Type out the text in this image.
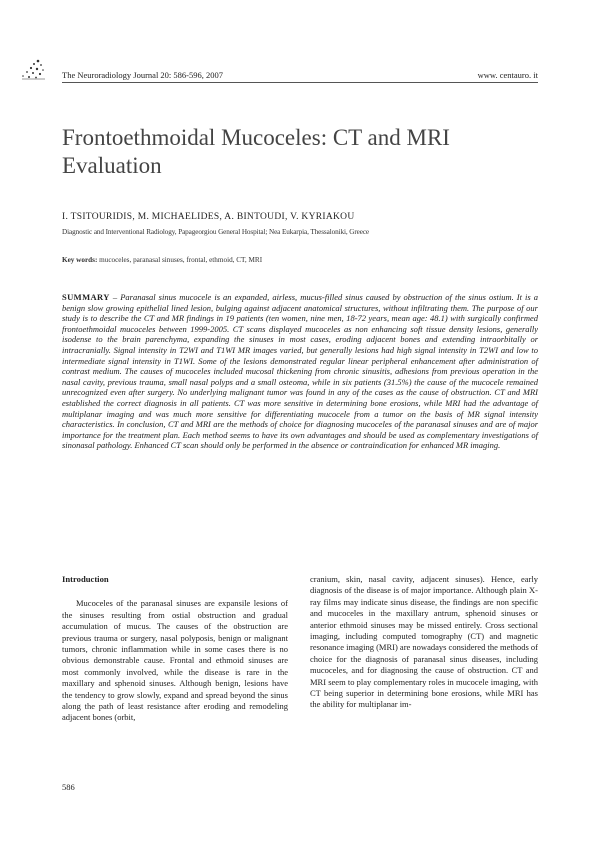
The Neuroradiology Journal 20: 586-596, 2007	www. centauro. it
Frontoethmoidal Mucoceles: CT and MRI Evaluation
I. TSITOURIDIS, M. MICHAELIDES, A. BINTOUDI, V. KYRIAKOU
Diagnostic and Interventional Radiology, Papageorgiou General Hospital; Nea Eukarpia, Thessaloniki, Greece
Key words: mucoceles, paranasal sinuses, frontal, ethmoid, CT, MRI
SUMMARY – Paranasal sinus mucocele is an expanded, airless, mucus-filled sinus caused by obstruction of the sinus ostium. It is a benign slow growing epithelial lined lesion, bulging against adjacent anatomical structures, without infiltrating them. The purpose of our study is to describe the CT and MR findings in 19 patients (ten women, nine men, 18-72 years, mean age: 48.1) with surgically confirmed frontoethmoidal mucoceles between 1999-2005. CT scans displayed mucoceles as non enhancing soft tissue density lesions, generally isodense to the brain parenchyma, expanding the sinuses in most cases, eroding adjacent bones and extending intraorbitally or intracranially. Signal intensity in T2WI and T1WI MR images varied, but generally lesions had high signal intensity in T2WI and low to intermediate signal intensity in T1WI. Some of the lesions demonstrated regular linear peripheral enhancement after administration of contrast medium. The causes of mucoceles included mucosal thickening from chronic sinusitis, adhesions from previous operation in the nasal cavity, previous trauma, small nasal polyps and a small osteoma, while in six patients (31.5%) the cause of the mucocele remained unrecognized even after surgery. No underlying malignant tumor was found in any of the cases as the cause of obstruction. CT and MRI established the correct diagnosis in all patients. CT was more sensitive in determining bone erosions, while MRI had the advantage of multiplanar imaging and was much more sensitive for differentiating mucocele from a tumor on the basis of MR signal intensity characteristics. In conclusion, CT and MRI are the methods of choice for diagnosing mucoceles of the paranasal sinuses and are of major importance for the treatment plan. Each method seems to have its own advantages and should be used as complementary investigations of sinonasal pathology. Enhanced CT scan should only be performed in the absence or contraindication for enhanced MR imaging.
Introduction

Mucoceles of the paranasal sinuses are expansile lesions of the sinuses resulting from ostial obstruction and gradual accumulation of mucus. The causes of the obstruction are previous trauma or surgery, nasal polyposis, benign or malignant tumors, chronic inflammation while in some cases there is no obvious demonstrable cause. Frontal and ethmoid sinuses are most commonly involved, while the disease is rare in the maxillary and sphenoid sinuses. Although benign, lesions have the tendency to grow slowly, expand and spread beyond the sinus along the path of least resistance after eroding and remodeling adjacent bones (orbit,

cranium, skin, nasal cavity, adjacent sinuses). Hence, early diagnosis of the disease is of major importance. Although plain X-ray films may indicate sinus disease, the findings are non specific and mucoceles in the maxillary antrum, sphenoid sinuses or anterior ethmoid sinuses may be missed entirely. Cross sectional imaging, including computed tomography (CT) and magnetic resonance imaging (MRI) are nowadays considered the methods of choice for the diagnosis of paranasal sinus diseases, including mucoceles, and for diagnosing the cause of obstruction. CT and MRI seem to play complementary roles in mucocele imaging, with CT being superior in determining bone erosions, while MRI has the ability for multiplanar im-

586
